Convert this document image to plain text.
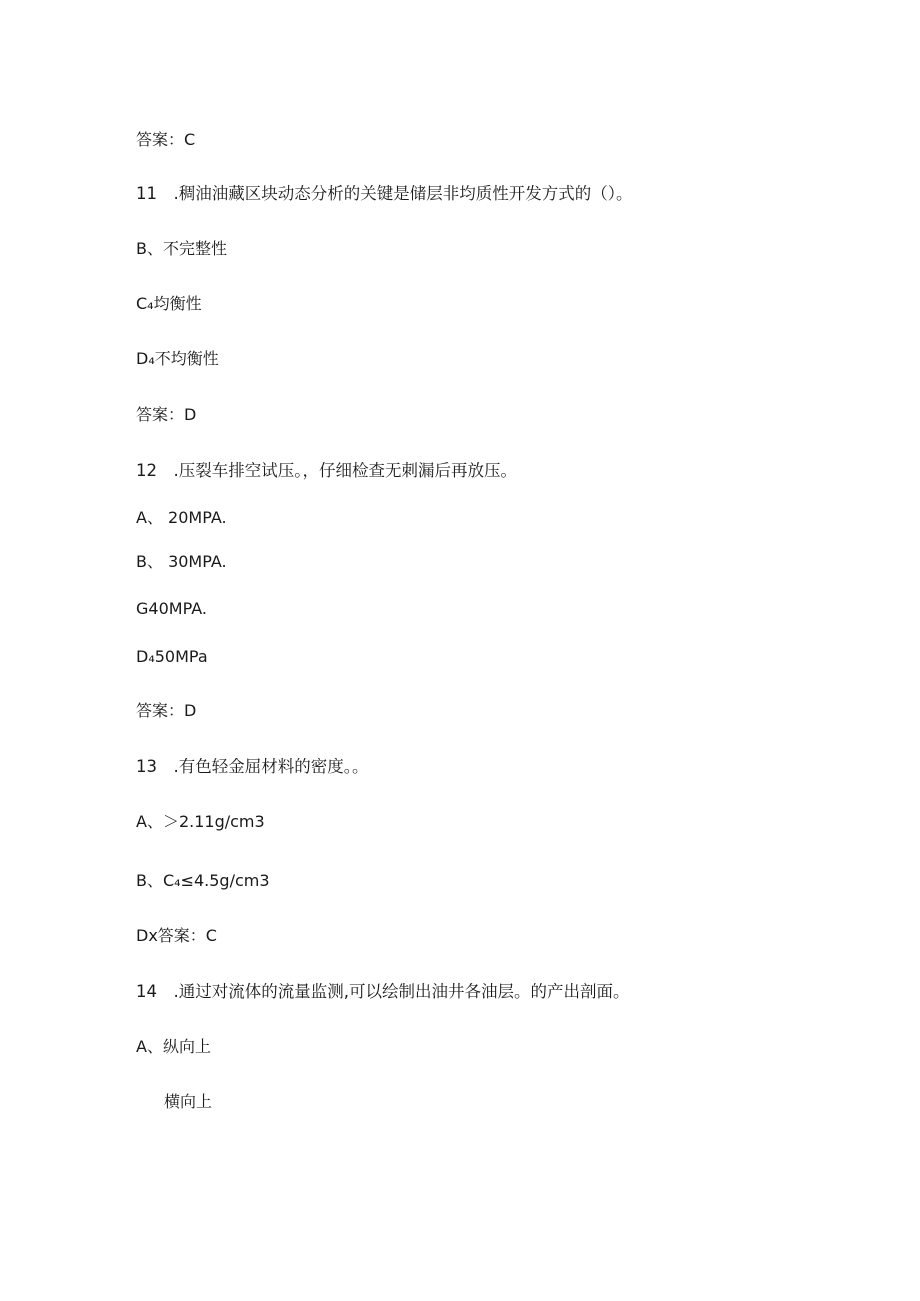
答案：C
11　.稠油油藏区块动态分析的关键是储层非均质性开发方式的（）。
B、不完整性
C₄均衡性
D₄不均衡性
答案：D
12　.压裂车排空试压。，仔细检查无刺漏后再放压。
A、 20MPA.
B、 30MPA.
G40MPA.
D₄50MPa
答案：D
13　.有色轻金屈材料的密度。。
A、＞2.11g/cm3
B、C₄≤4.5g∕cm3
Dx答案：C
14　.通过对流体的流量监测,可以绘制出油井各油层。的产出剖面。
A、纵向上
横向上
